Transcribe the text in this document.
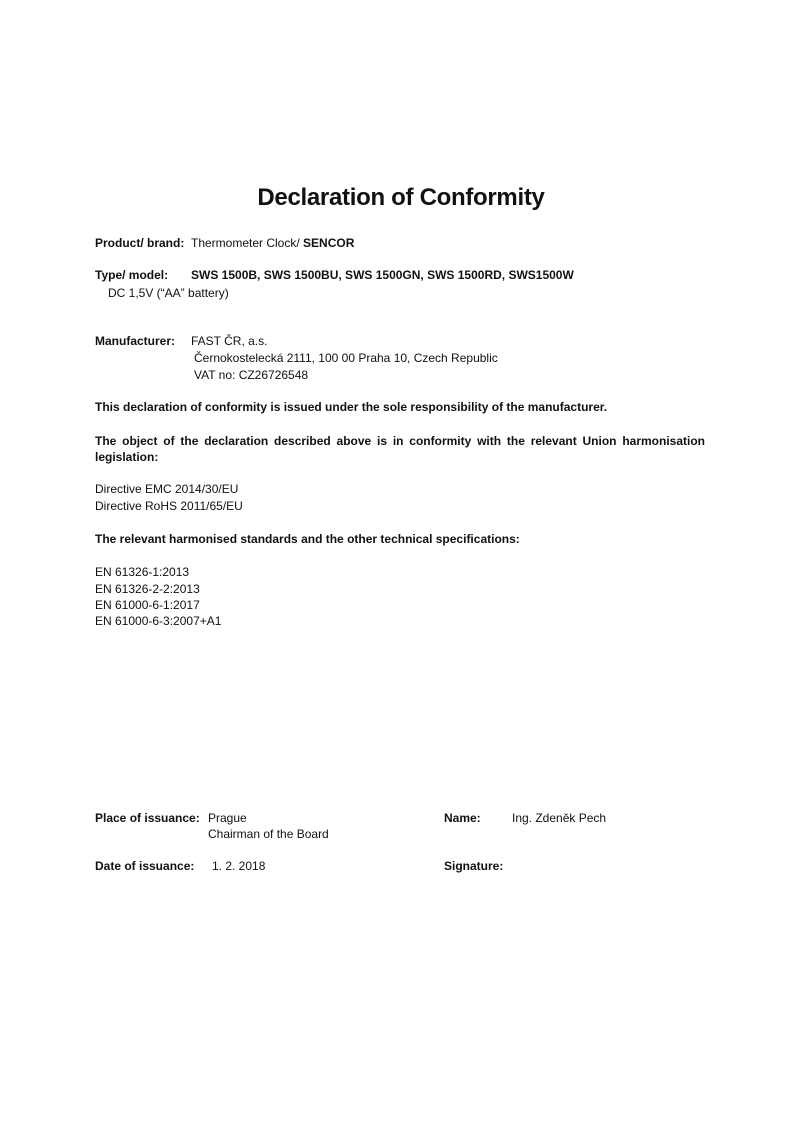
Declaration of Conformity
Product/ brand: Thermometer Clock/ SENCOR
Type/ model: SWS 1500B, SWS 1500BU, SWS 1500GN, SWS 1500RD, SWS1500W
DC 1,5V (“AA” battery)
Manufacturer: FAST ČR, a.s.
Černokostelecká 2111, 100 00 Praha 10, Czech Republic
VAT no: CZ26726548
This declaration of conformity is issued under the sole responsibility of the manufacturer.
The object of the declaration described above is in conformity with the relevant Union harmonisation legislation:
Directive EMC 2014/30/EU
Directive RoHS 2011/65/EU
The relevant harmonised standards and the other technical specifications:
EN 61326-1:2013
EN 61326-2-2:2013
EN 61000-6-1:2017
EN 61000-6-3:2007+A1
Place of issuance: Prague
Chairman of the Board
Name:	Ing. Zdeněk Pech
Date of issuance: 1. 2. 2018	Signature:
